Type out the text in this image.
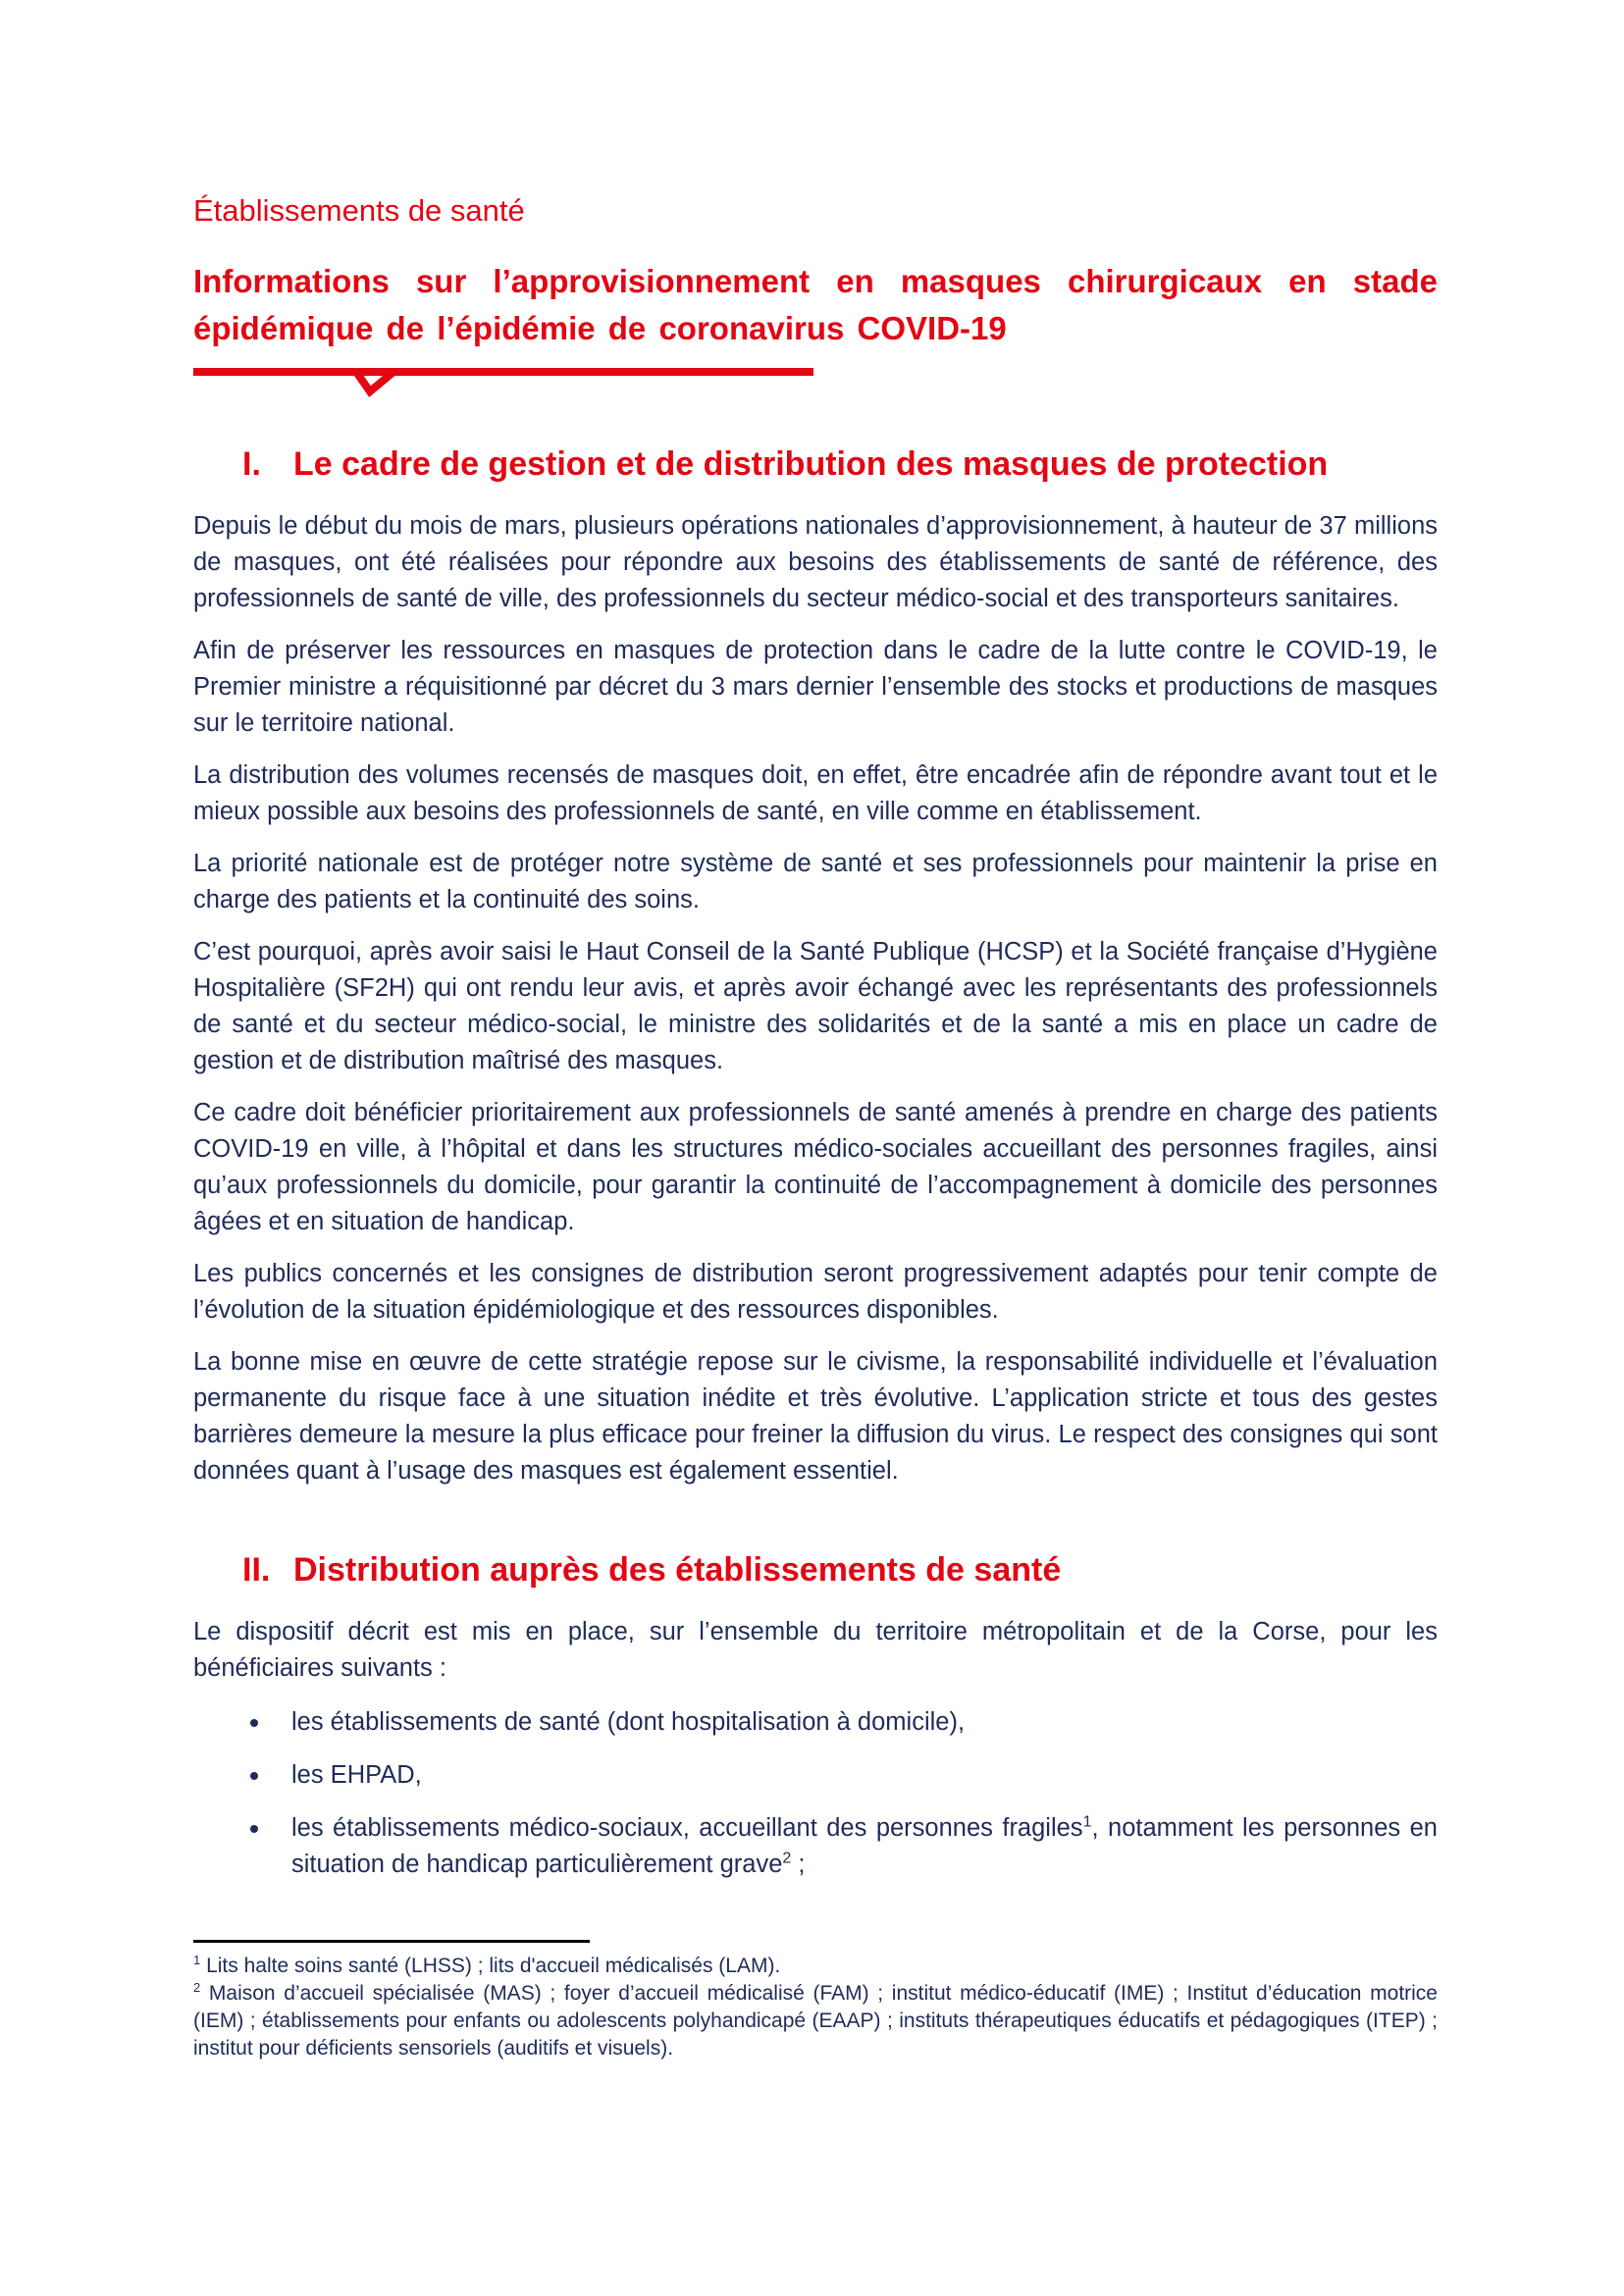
Établissements de santé
Informations sur l’approvisionnement en masques chirurgicaux en stade épidémique de l’épidémie de coronavirus COVID-19
I. Le cadre de gestion et de distribution des masques de protection

Depuis le début du mois de mars, plusieurs opérations nationales d’approvisionnement, à hauteur de 37 millions de masques, ont été réalisées pour répondre aux besoins des établissements de santé de référence, des professionnels de santé de ville, des professionnels du secteur médico-social et des transporteurs sanitaires.

Afin de préserver les ressources en masques de protection dans le cadre de la lutte contre le COVID-19, le Premier ministre a réquisitionné par décret du 3 mars dernier l’ensemble des stocks et productions de masques sur le territoire national.

La distribution des volumes recensés de masques doit, en effet, être encadrée afin de répondre avant tout et le mieux possible aux besoins des professionnels de santé, en ville comme en établissement.

La priorité nationale est de protéger notre système de santé et ses professionnels pour maintenir la prise en charge des patients et la continuité des soins.

C’est pourquoi, après avoir saisi le Haut Conseil de la Santé Publique (HCSP) et la Société française d’Hygiène Hospitalière (SF2H) qui ont rendu leur avis, et après avoir échangé avec les représentants des professionnels de santé et du secteur médico-social, le ministre des solidarités et de la santé a mis en place un cadre de gestion et de distribution maîtrisé des masques.

Ce cadre doit bénéficier prioritairement aux professionnels de santé amenés à prendre en charge des patients COVID-19 en ville, à l’hôpital et dans les structures médico-sociales accueillant des personnes fragiles, ainsi qu’aux professionnels du domicile, pour garantir la continuité de l’accompagnement à domicile des personnes âgées et en situation de handicap.

Les publics concernés et les consignes de distribution seront progressivement adaptés pour tenir compte de l’évolution de la situation épidémiologique et des ressources disponibles.

La bonne mise en œuvre de cette stratégie repose sur le civisme, la responsabilité individuelle et l’évaluation permanente du risque face à une situation inédite et très évolutive. L’application stricte et tous des gestes barrières demeure la mesure la plus efficace pour freiner la diffusion du virus. Le respect des consignes qui sont données quant à l’usage des masques est également essentiel.

II. Distribution auprès des établissements de santé

Le dispositif décrit est mis en place, sur l’ensemble du territoire métropolitain et de la Corse, pour les bénéficiaires suivants :

les établissements de santé (dont hospitalisation à domicile),
les EHPAD,
les établissements médico-sociaux, accueillant des personnes fragiles$^1$, notamment les personnes en situation de handicap particulièrement grave$^2$ ;

$^1$ Lits halte soins santé (LHSS) ; lits d'accueil médicalisés (LAM).

$^2$ Maison d’accueil spécialisée (MAS) ; foyer d’accueil médicalisé (FAM) ; institut médico-éducatif (IME) ; Institut d’éducation motrice (IEM) ; établissements pour enfants ou adolescents polyhandicapé (EAAP) ; instituts thérapeutiques éducatifs et pédagogiques (ITEP) ; institut pour déficients sensoriels (auditifs et visuels).
